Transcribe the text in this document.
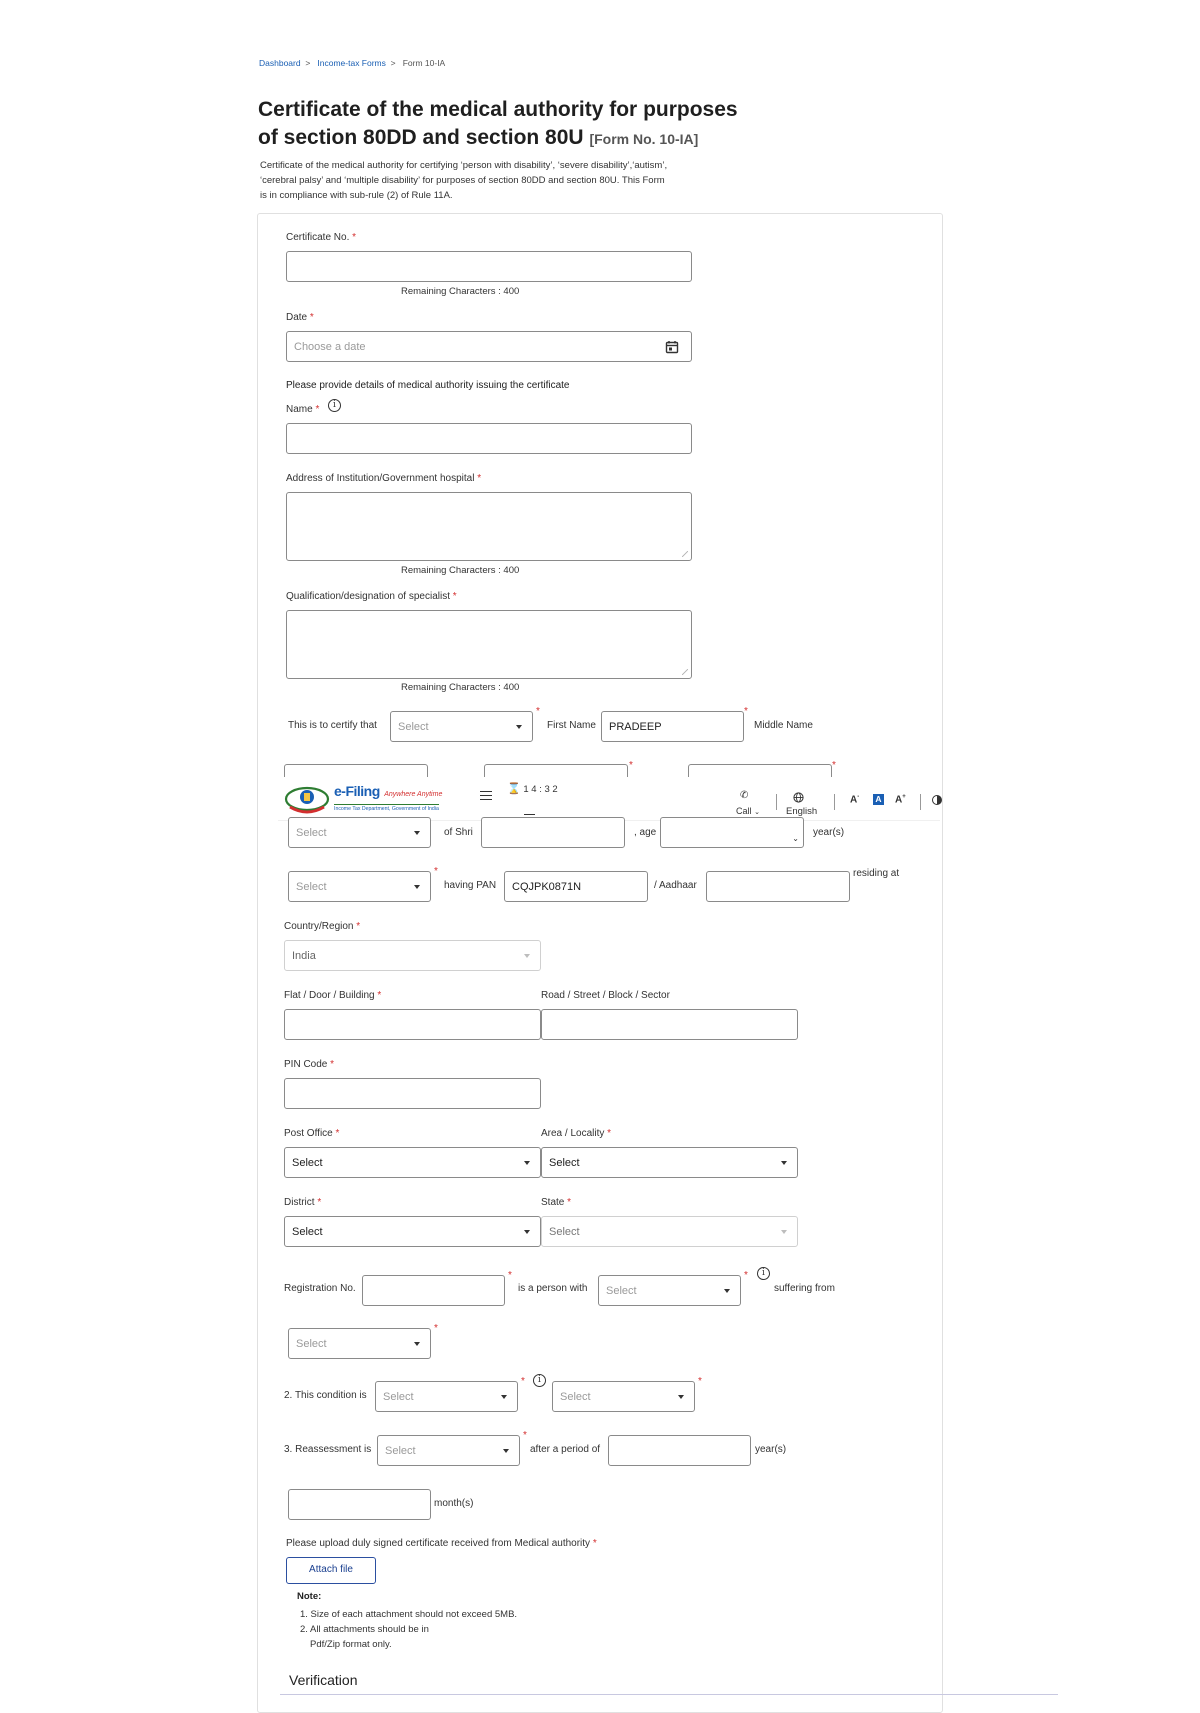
Dashboard  >   Income-tax Forms  >   Form 10-IA
Certificate of the medical authority for purposes
of section 80DD and section 80U [Form No. 10-IA]
Certificate of the medical authority for certifying ‘person with disability’, ‘severe disability’,‘autism’,
‘cerebral palsy’ and ‘multiple disability’ for purposes of section 80DD and section 80U. This Form
is in compliance with sub-rule (2) of Rule 11A.
Certificate No. *
Remaining Characters : 400
Date *
Choose a date
Please provide details of medical authority issuing the certificate
Name *	i
Address of Institution/Government hospital *
Remaining Characters : 400
Qualification/designation of specialist *
Remaining Characters : 400
This is to certify that Select
*
First Name PRADEEP
*
Middle Name
*	*
e-Filing Anywhere Anytime
Income Tax Department, Government of India
⌛ 1 4 : 3 2
✆
Call ⌄	English
A- A A+
Select	of Shri	, age
⌄
year(s)
Select
*
having PAN CQJPK0871N	/ Aadhaar
residing at
Country/Region *
India
Flat / Door / Building *	Road / Street / Block / Sector
PIN Code *
Post Office *
Select
Area / Locality *
Select
District *
Select
State *
Select
Registration No.
*
is a person with Select
*	i
suffering from
Select
*
2. This condition is Select
*	i
Select
*
3. Reassessment is Select
*
after a period of	year(s)
month(s)
Please upload duly signed certificate received from Medical authority *
Attach file
Note:
1. Size of each attachment should not exceed 5MB.
2. All attachments should be in
Pdf/Zip format only.
Verification
